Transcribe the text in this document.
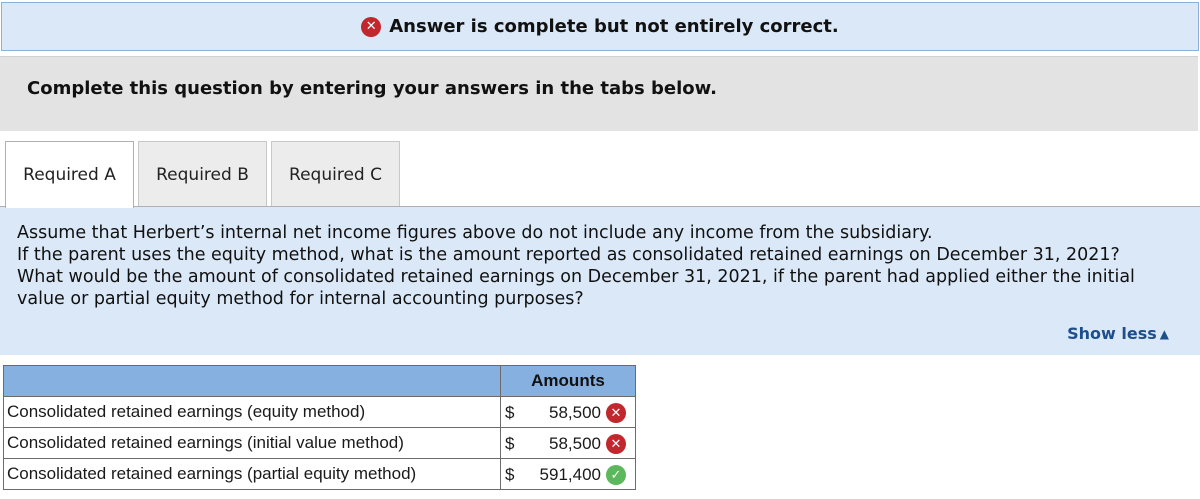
✕ Answer is complete but not entirely correct.
Complete this question by entering your answers in the tabs below.
Required A Required B Required C
Assume that Herbert’s internal net income figures above do not include any income from the subsidiary.
If the parent uses the equity method, what is the amount reported as consolidated retained earnings on December 31, 2021?
What would be the amount of consolidated retained earnings on December 31, 2021, if the parent had applied either the initial
value or partial equity method for internal accounting purposes?
Show less ▲
	Amounts
Consolidated retained earnings (equity method)	$ 58,500 ✕

Consolidated retained earnings (initial value method)	$ 58,500 ✕

Consolidated retained earnings (partial equity method)	$ 591,400 ✓
